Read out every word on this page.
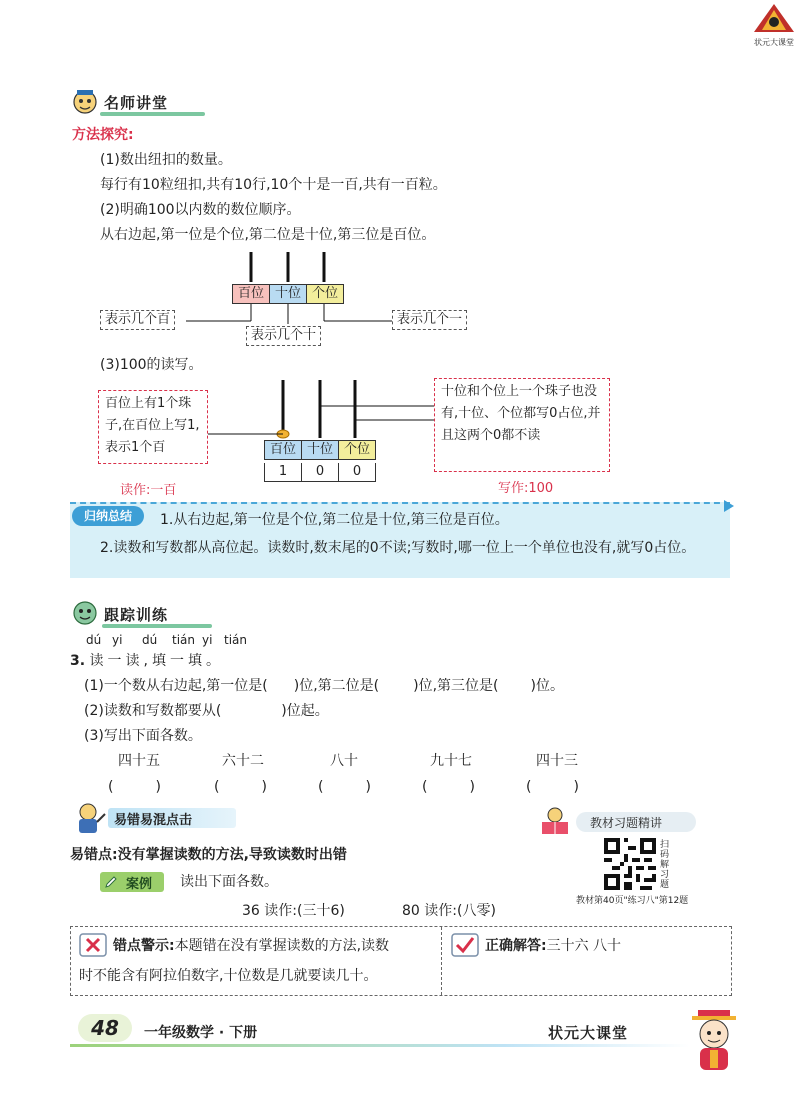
状元大课堂
名师讲堂
方法探究:
(1)数出纽扣的数量。
每行有10粒纽扣,共有10行,10个十是一百,共有一百粒。
(2)明确100以内数的数位顺序。
从右边起,第一位是个位,第二位是十位,第三位是百位。
百位 十位 个位
表示几个百
表示几个十
表示几个一
(3)100的读写。
百位上有1个珠子,在百位上写1,表示1个百
十位和个位上一个珠子也没有,十位、个位都写0占位,并且这两个0都不读
百位 十位 个位
1 0 0
读作:一百	写作:100
归纳总结	1.从右边起,第一位是个位,第二位是十位,第三位是百位。
2.读数和写数都从高位起。读数时,数末尾的0不读;写数时,哪一位上一个单位也没有,就写0占位。
跟踪训练
dú yi dú tián yi tián
3. 读一读,填一填。
(1)一个数从右边起,第一位是( )位,第二位是( )位,第三位是( )位。
(2)读数和写数都要从(	)位起。
(3)写出下面各数。
四十五	六十二	八十	九十七	四十三
(　　　)	(　　　)	(　　　)	(　　　)	(　　　)
易错易混点击	教材习题精讲
扫码解习题
教材第40页"练习八"第12题
易错点:没有掌握读数的方法,导致读数时出错
案例 读出下面各数。
36 读作:(三十6)	80 读作:(八零)
错点警示:本题错在没有掌握读数的方法,读数
时不能含有阿拉伯数字,十位数是几就要读几十。
正确解答:三十六 八十
48	一年级数学 · 下册	状元大课堂
